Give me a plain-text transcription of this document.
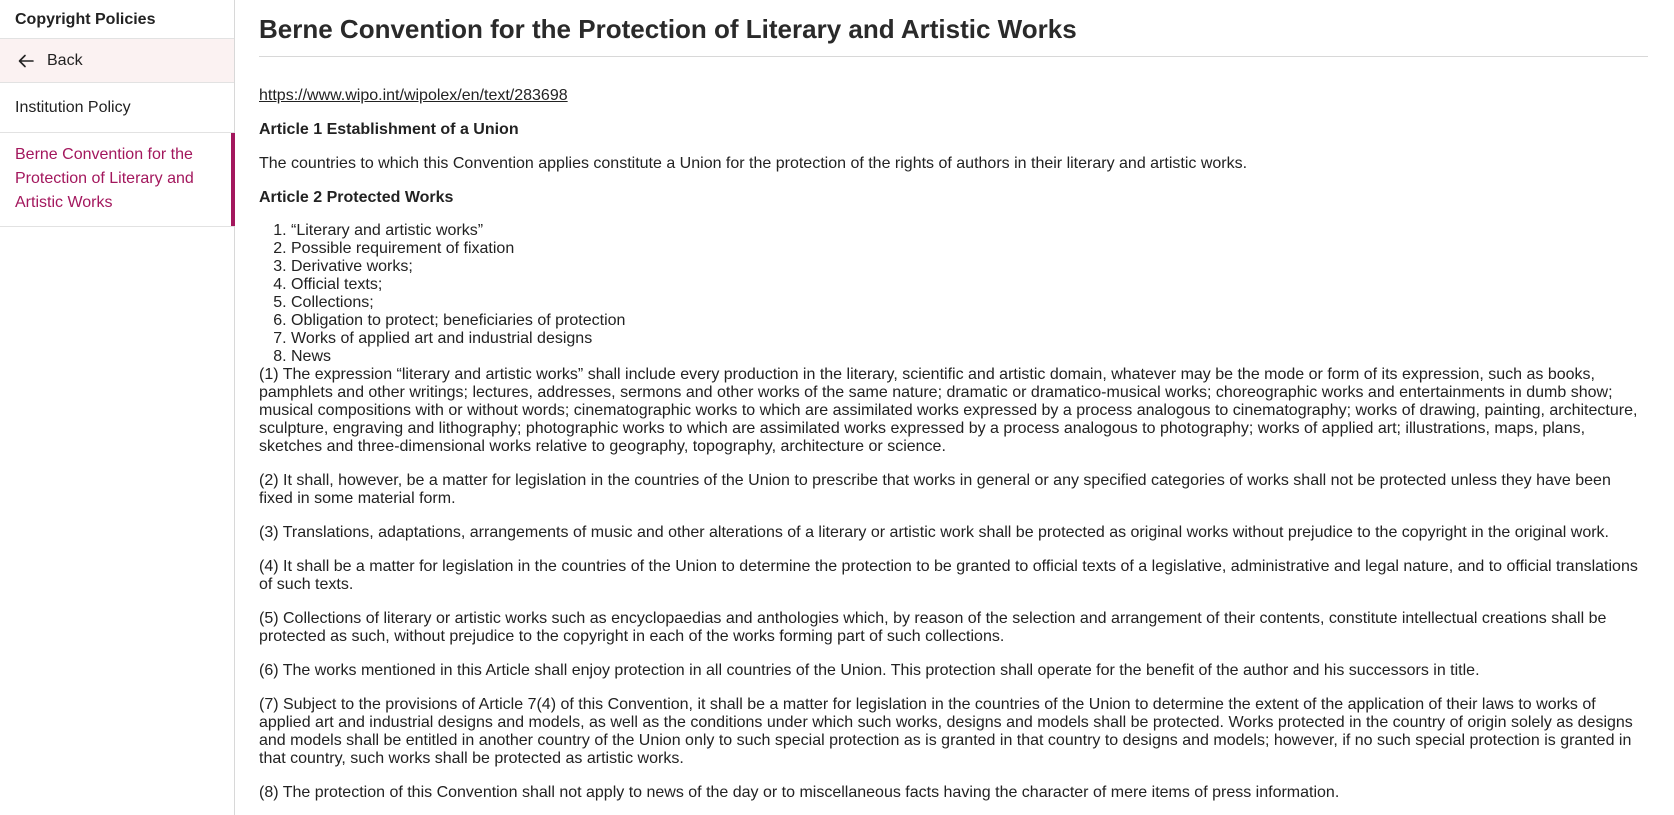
Copyright Policies
Back
Institution Policy
Berne Convention for the Protection of Literary and Artistic Works
Berne Convention for the Protection of Literary and Artistic Works
https://www.wipo.int/wipolex/en/text/283698
Article 1 Establishment of a Union

The countries to which this Convention applies constitute a Union for the protection of the rights of authors in their literary and artistic works.

Article 2 Protected Works
1. “Literary and artistic works”
2. Possible requirement of fixation
3. Derivative works;
4. Official texts;
5. Collections;
6. Obligation to protect; beneficiaries of protection
7. Works of applied art and industrial designs
8. News

(1) The expression “literary and artistic works” shall include every production in the literary, scientific and artistic domain, whatever may be the mode or form of its expression, such as books, pamphlets and other writings; lectures, addresses, sermons and other works of the same nature; dramatic or dramatico-musical works; choreographic works and entertainments in dumb show; musical compositions with or without words; cinematographic works to which are assimilated works expressed by a process analogous to cinematography; works of drawing, painting, architecture, sculpture, engraving and lithography; photographic works to which are assimilated works expressed by a process analogous to photography; works of applied art; illustrations, maps, plans, sketches and three-dimensional works relative to geography, topography, architecture or science.

(2) It shall, however, be a matter for legislation in the countries of the Union to prescribe that works in general or any specified categories of works shall not be protected unless they have been fixed in some material form.

(3) Translations, adaptations, arrangements of music and other alterations of a literary or artistic work shall be protected as original works without prejudice to the copyright in the original work.

(4) It shall be a matter for legislation in the countries of the Union to determine the protection to be granted to official texts of a legislative, administrative and legal nature, and to official translations of such texts.

(5) Collections of literary or artistic works such as encyclopaedias and anthologies which, by reason of the selection and arrangement of their contents, constitute intellectual creations shall be protected as such, without prejudice to the copyright in each of the works forming part of such collections.

(6) The works mentioned in this Article shall enjoy protection in all countries of the Union. This protection shall operate for the benefit of the author and his successors in title.

(7) Subject to the provisions of Article 7(4) of this Convention, it shall be a matter for legislation in the countries of the Union to determine the extent of the application of their laws to works of applied art and industrial designs and models, as well as the conditions under which such works, designs and models shall be protected. Works protected in the country of origin solely as designs and models shall be entitled in another country of the Union only to such special protection as is granted in that country to designs and models; however, if no such special protection is granted in that country, such works shall be protected as artistic works.

(8) The protection of this Convention shall not apply to news of the day or to miscellaneous facts having the character of mere items of press information.
